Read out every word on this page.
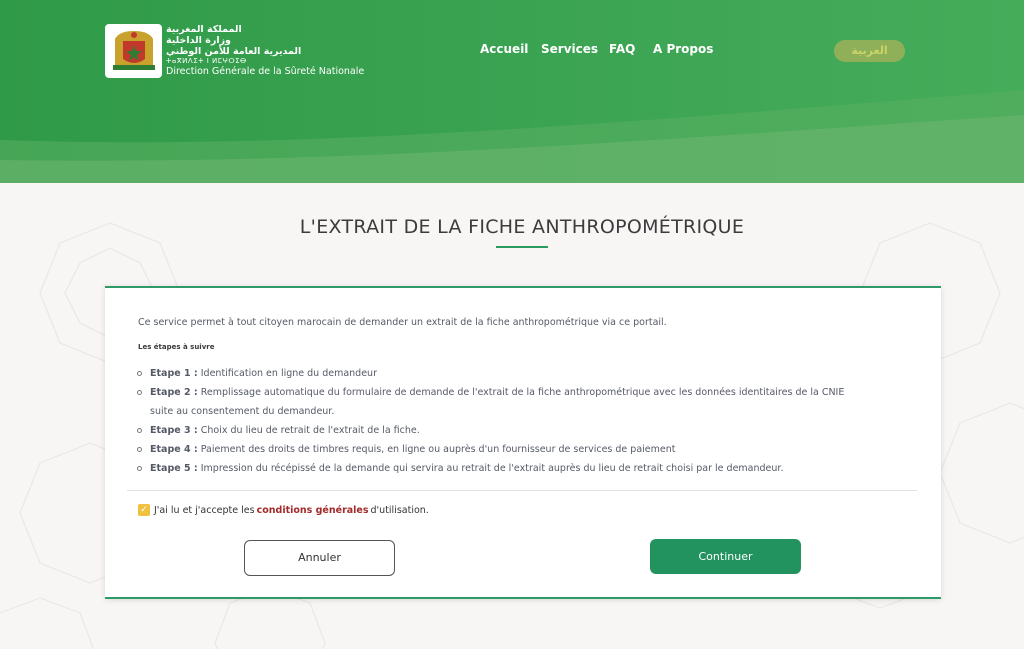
المملكة المغربية
وزارة الداخلية
المديرية العامة للأمن الوطني
ⵜⴰⴳⵍⴷⵉⵜ ⵏ ⵍⵎⵖⵔⵉⴱ
Direction Générale de la Sûreté Nationale
Accueil Services FAQ A Propos	العربية
L'EXTRAIT DE LA FICHE ANTHROPOMÉTRIQUE
Ce service permet à tout citoyen marocain de demander un extrait de la fiche anthropométrique via ce portail.
Les étapes à suivre
Etape 1 : Identification en ligne du demandeur
Etape 2 : Remplissage automatique du formulaire de demande de l'extrait de la fiche anthropométrique avec les données identitaires de la CNIE suite au consentement du demandeur.
Etape 3 : Choix du lieu de retrait de l'extrait de la fiche.
Etape 4 : Paiement des droits de timbres requis, en ligne ou auprès d'un fournisseur de services de paiement
Etape 5 : Impression du récépissé de la demande qui servira au retrait de l'extrait auprès du lieu de retrait choisi par le demandeur.
✓ J'ai lu et j'accepte les conditions générales d'utilisation.
Annuler	Continuer
